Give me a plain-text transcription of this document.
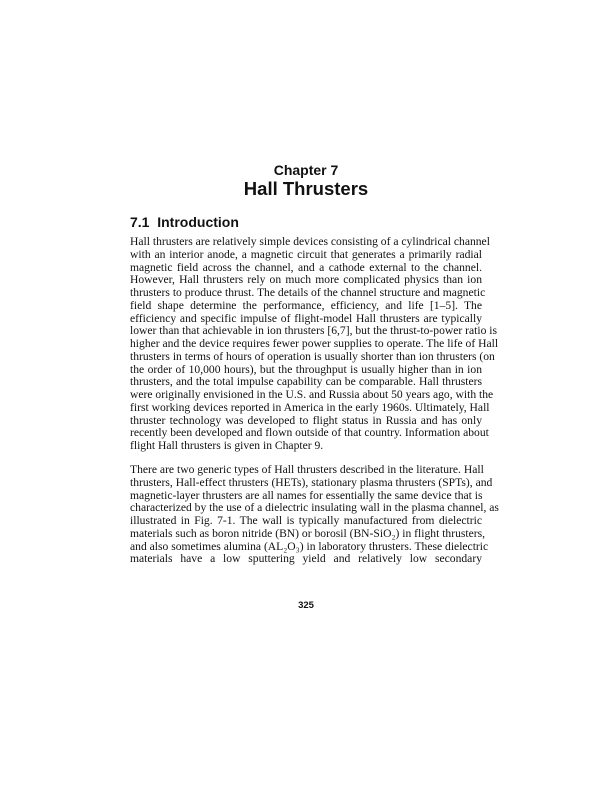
Chapter 7
Hall Thrusters
7.1  Introduction
Hall thrusters are relatively simple devices consisting of a cylindrical channel
with an interior anode, a magnetic circuit that generates a primarily radial
magnetic field across the channel, and a cathode external to the channel.
However, Hall thrusters rely on much more complicated physics than ion
thrusters to produce thrust. The details of the channel structure and magnetic
field shape determine the performance, efficiency, and life [1–5]. The
efficiency and specific impulse of flight-model Hall thrusters are typically
lower than that achievable in ion thrusters [6,7], but the thrust-to-power ratio is
higher and the device requires fewer power supplies to operate. The life of Hall
thrusters in terms of hours of operation is usually shorter than ion thrusters (on
the order of 10,000 hours), but the throughput is usually higher than in ion
thrusters, and the total impulse capability can be comparable. Hall thrusters
were originally envisioned in the U.S. and Russia about 50 years ago, with the
first working devices reported in America in the early 1960s. Ultimately, Hall
thruster technology was developed to flight status in Russia and has only
recently been developed and flown outside of that country. Information about
flight Hall thrusters is given in Chapter 9.
There are two generic types of Hall thrusters described in the literature. Hall
thrusters, Hall-effect thrusters (HETs), stationary plasma thrusters (SPTs), and
magnetic-layer thrusters are all names for essentially the same device that is
characterized by the use of a dielectric insulating wall in the plasma channel, as
illustrated in Fig. 7-1. The wall is typically manufactured from dielectric
materials such as boron nitride (BN) or borosil (BN-SiO₂) in flight thrusters,
and also sometimes alumina (AL₂O₃) in laboratory thrusters. These dielectric
materials have a low sputtering yield and relatively low secondary
325
